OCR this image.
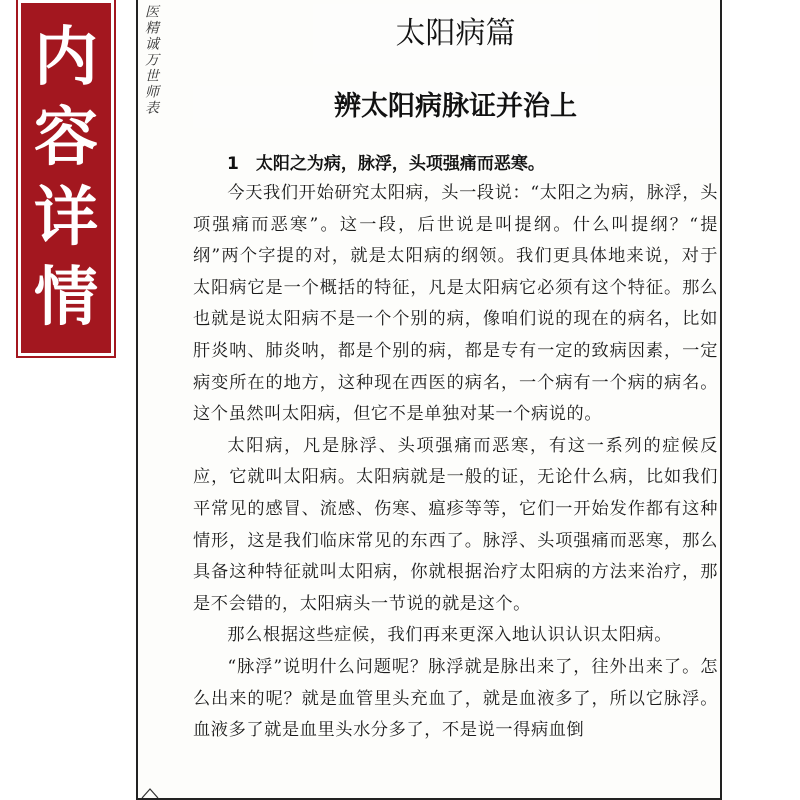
内
容
详
情
医精诚万世师表	太阳病篇
辨太阳病脉证并治上
1　太阳之为病，脉浮，头项强痛而恶寒。

今天我们开始研究太阳病，头一段说：“太阳之为病，脉浮，头项强痛而恶寒”。这一段，后世说是叫提纲。什么叫提纲？“提纲”两个字提的对，就是太阳病的纲领。我们更具体地来说，对于太阳病它是一个概括的特征，凡是太阳病它必须有这个特征。那么也就是说太阳病不是一个个别的病，像咱们说的现在的病名，比如肝炎呐、肺炎呐，都是个别的病，都是专有一定的致病因素，一定病变所在的地方，这种现在西医的病名，一个病有一个病的病名。这个虽然叫太阳病，但它不是单独对某一个病说的。

太阳病，凡是脉浮、头项强痛而恶寒，有这一系列的症候反应，它就叫太阳病。太阳病就是一般的证，无论什么病，比如我们平常见的感冒、流感、伤寒、瘟疹等等，它们一开始发作都有这种情形，这是我们临床常见的东西了。脉浮、头项强痛而恶寒，那么具备这种特征就叫太阳病，你就根据治疗太阳病的方法来治疗，那是不会错的，太阳病头一节说的就是这个。

那么根据这些症候，我们再来更深入地认识认识太阳病。

“脉浮”说明什么问题呢？脉浮就是脉出来了，往外出来了。怎么出来的呢？就是血管里头充血了，就是血液多了，所以它脉浮。血液多了就是血里头水分多了，不是说一得病血倒
